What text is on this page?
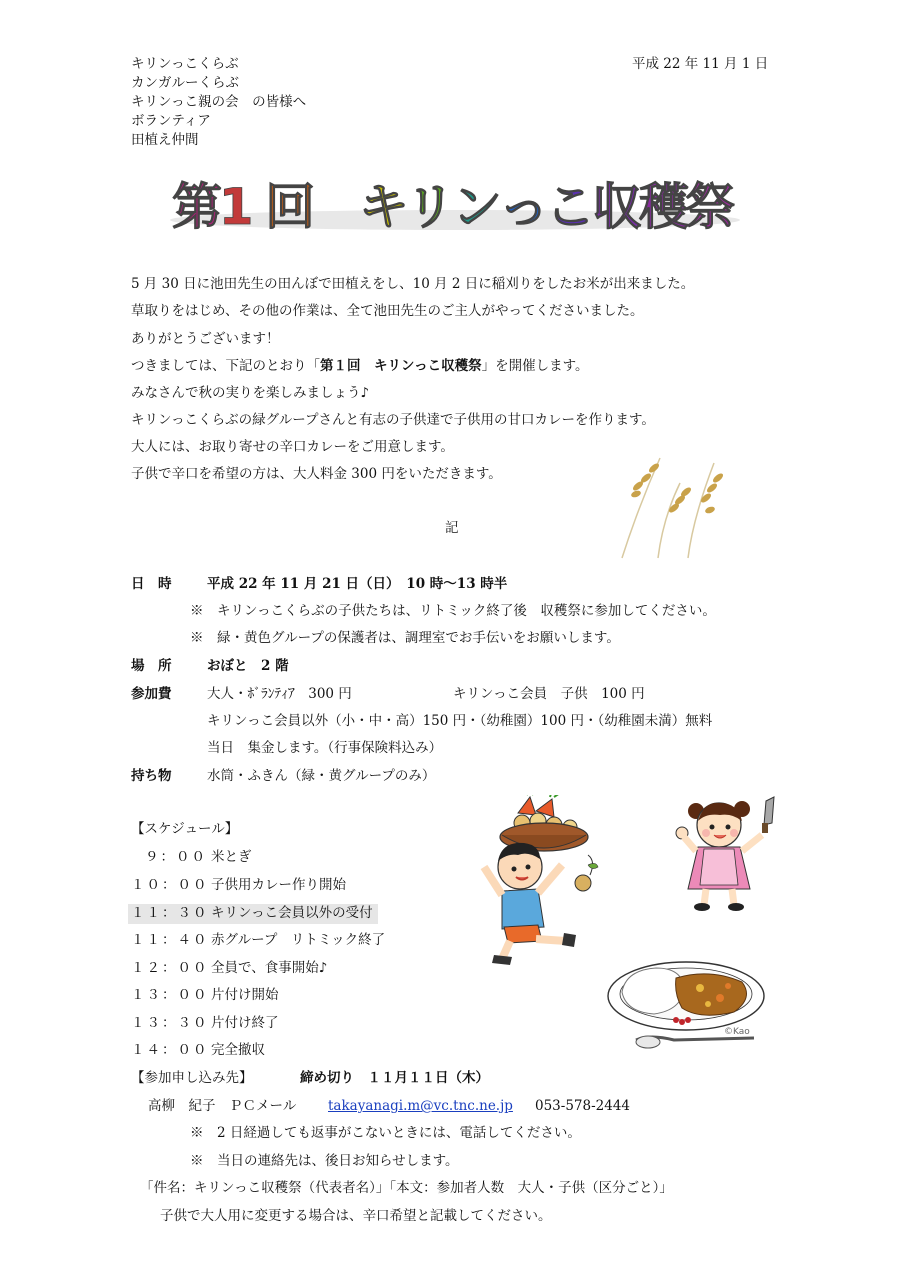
平成 22 年 11 月 1 日
キリンっこくらぶ
カンガルーくらぶ
キリンっこ親の会　の皆様へ
ボランティア
田植え仲間
第
1 回
　 キ
リ
ン
っ
こ
収
穫
祭
5 月 30 日に池田先生の田んぼで田植えをし、10 月 2 日に稲刈りをしたお米が出来ました。
草取りをはじめ、その他の作業は、全て池田先生のご主人がやってくださいました。
ありがとうございます！
つきましては、下記のとおり「第１回　キリンっこ収穫祭」を開催します。
みなさんで秋の実りを楽しみましょう♪
キリンっこくらぶの緑グループさんと有志の子供達で子供用の甘口カレーを作ります。
大人には、お取り寄せの辛口カレーをご用意します。
子供で辛口を希望の方は、大人料金 300 円をいただきます。
記
日　時	平成 22 年 11 月 21 日（日）　10 時～13 時半
※　キリンっこくらぶの子供たちは、リトミック終了後　収穫祭に参加してください。
※　緑・黄色グループの保護者は、調理室でお手伝いをお願いします。
場　所	おぼと　2 階
参加費	大人・ﾎﾞﾗﾝﾃｨｱ　300 円	キリンっこ会員　子供　100 円
キリンっこ会員以外（小・中・高）150 円・（幼稚園）100 円・（幼稚園未満）無料
当日　集金します。（行事保険料込み）
持ち物	水筒・ふきん（緑・黄グループのみ）
【スケジュール】
９：００ 米とぎ
１０：００ 子供用カレー作り開始
１１：３０ キリンっこ会員以外の受付
１１：４０ 赤グループ　リトミック終了
１２：００ 全員で、食事開始♪
１３：００ 片付け開始
１３：３０ 片付け終了
１４：００ 完全撤収
©Kao
【参加申し込み先】	締め切り　１１月１１日（木）
高柳　紀子　ＰＣメール takayanagi.m@vc.tnc.ne.jp 053-578-2444
※　2 日経過しても返事がこないときには、電話してください。
※　当日の連絡先は、後日お知らせします。
「件名：キリンっこ収穫祭（代表者名）」「本文：参加者人数　大人・子供（区分ごと）」
子供で大人用に変更する場合は、辛口希望と記載してください。
